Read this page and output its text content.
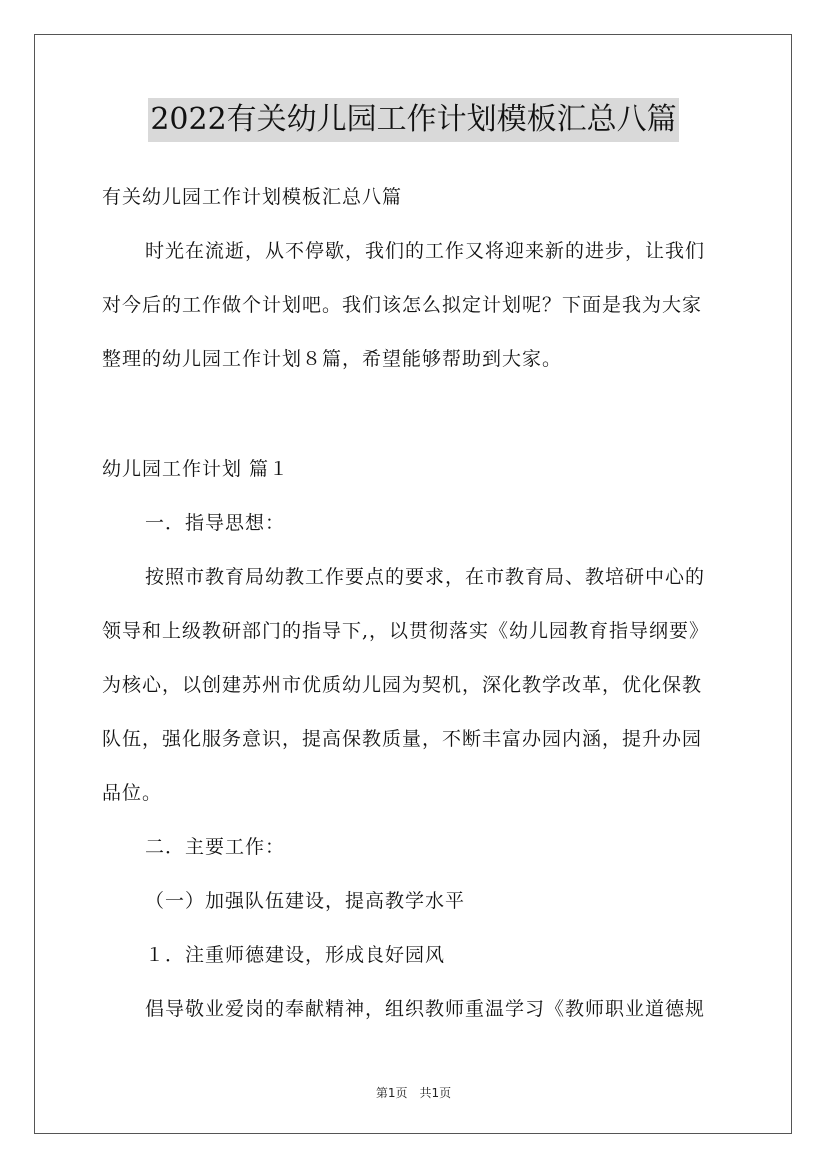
2022有关幼儿园工作计划模板汇总八篇
有关幼儿园工作计划模板汇总八篇
时光在流逝，从不停歇，我们的工作又将迎来新的进步，让我们
对今后的工作做个计划吧。我们该怎么拟定计划呢？下面是我为大家
整理的幼儿园工作计划８篇，希望能够帮助到大家。
幼儿园工作计划 篇１
一．指导思想：
按照市教育局幼教工作要点的要求，在市教育局、教培研中心的
领导和上级教研部门的指导下,，以贯彻落实《幼儿园教育指导纲要》
为核心，以创建苏州市优质幼儿园为契机，深化教学改革，优化保教
队伍，强化服务意识，提高保教质量，不断丰富办园内涵，提升办园
品位。
二．主要工作：
（一）加强队伍建设，提高教学水平
１．注重师德建设，形成良好园风
倡导敬业爱岗的奉献精神，组织教师重温学习《教师职业道德规
第1页　共1页
